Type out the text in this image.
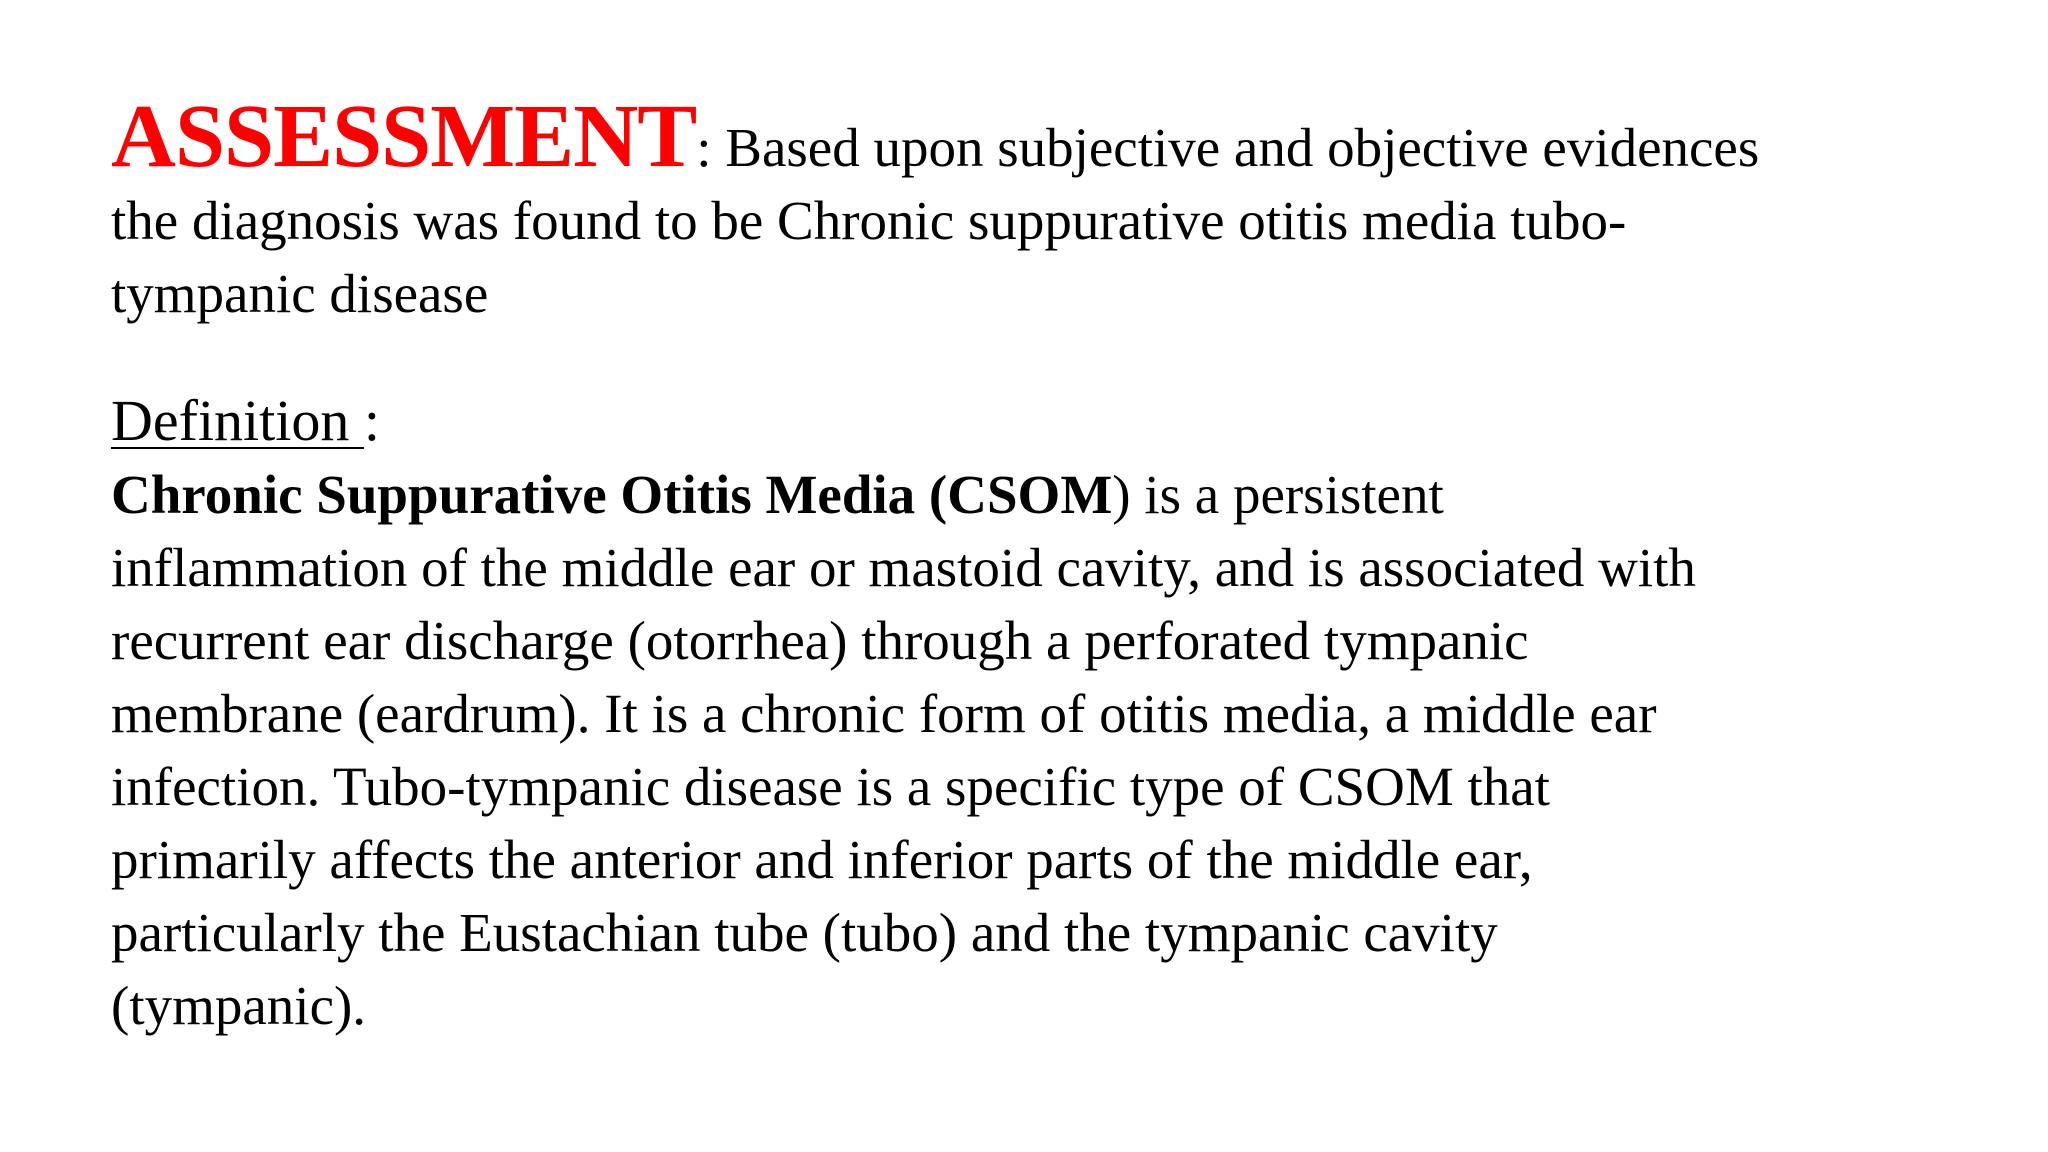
ASSESSMENT: Based upon subjective and objective evidences
the diagnosis was found to be Chronic suppurative otitis media tubo-
tympanic disease

Definition :

Chronic Suppurative Otitis Media (CSOM) is a persistent
inflammation of the middle ear or mastoid cavity, and is associated with
recurrent ear discharge (otorrhea) through a perforated tympanic
membrane (eardrum). It is a chronic form of otitis media, a middle ear
infection. Tubo-tympanic disease is a specific type of CSOM that
primarily affects the anterior and inferior parts of the middle ear,
particularly the Eustachian tube (tubo) and the tympanic cavity
(tympanic).
